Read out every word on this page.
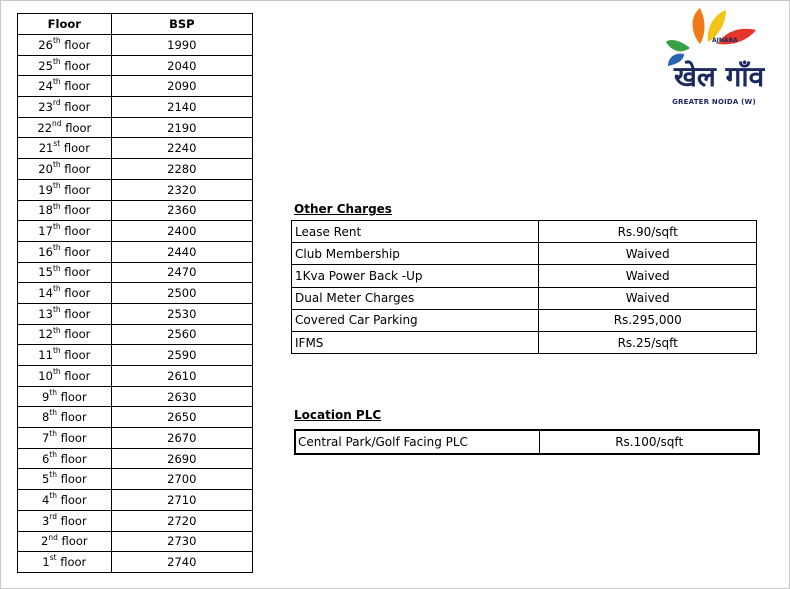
Floor	BSP
26th floor	1990
25th floor	2040
24th floor	2090
23rd floor	2140
22nd floor	2190
21st floor	2240
20th floor	2280
19th floor	2320
18th floor	2360
17th floor	2400
16th floor	2440
15th floor	2470
14th floor	2500
13th floor	2530
12th floor	2560
11th floor	2590
10th floor	2610
9th floor	2630
8th floor	2650
7th floor	2670
6th floor	2690
5th floor	2700
4th floor	2710
3rd floor	2720
2nd floor	2730
1st floor	2740
Other Charges
Lease Rent	Rs.90/sqft
Club Membership	Waived
1Kva Power Back -Up	Waived
Dual Meter Charges	Waived
Covered Car Parking	Rs.295,000
IFMS	Rs.25/sqft
Location PLC
Central Park/Golf Facing PLC	Rs.100/sqft
खेल गाँव
AJNARA
GREATER NOIDA (W)
